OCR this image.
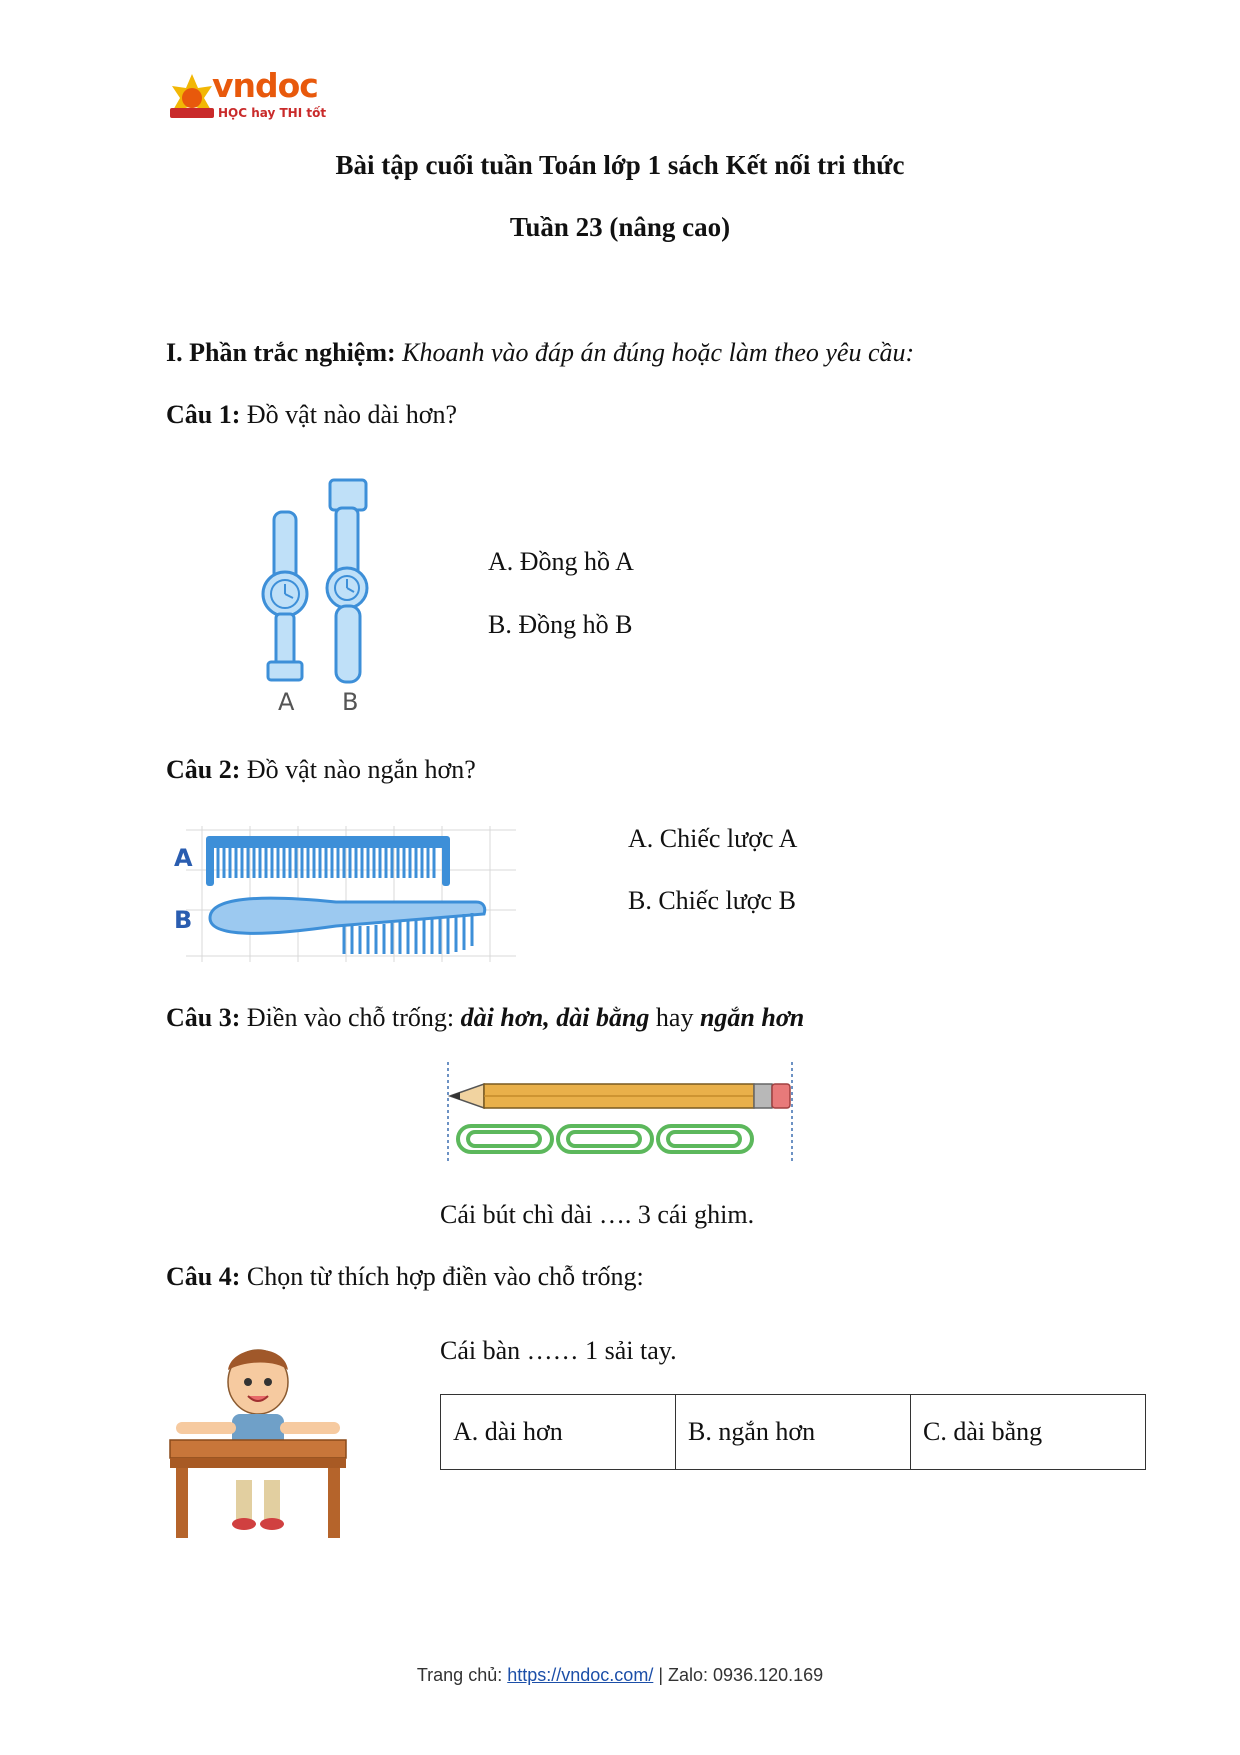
vndoc
HỌC hay THI tốt
Bài tập cuối tuần Toán lớp 1 sách Kết nối tri thức
Tuần 23 (nâng cao)
I. Phần trắc nghiệm: Khoanh vào đáp án đúng hoặc làm theo yêu cầu:
Câu 1: Đồ vật nào dài hơn?
A B
A. Đồng hồ A
B. Đồng hồ B
Câu 2: Đồ vật nào ngắn hơn?
A
B
A. Chiếc lược A
B. Chiếc lược B
Câu 3: Điền vào chỗ trống: dài hơn, dài bằng hay ngắn hơn
Cái bút chì dài …. 3 cái ghim.
Câu 4: Chọn từ thích hợp điền vào chỗ trống:
Cái bàn …… 1 sải tay.
A. dài hơn	B. ngắn hơn	C. dài bằng
Trang chủ: https://vndoc.com/ | Zalo: 0936.120.169
